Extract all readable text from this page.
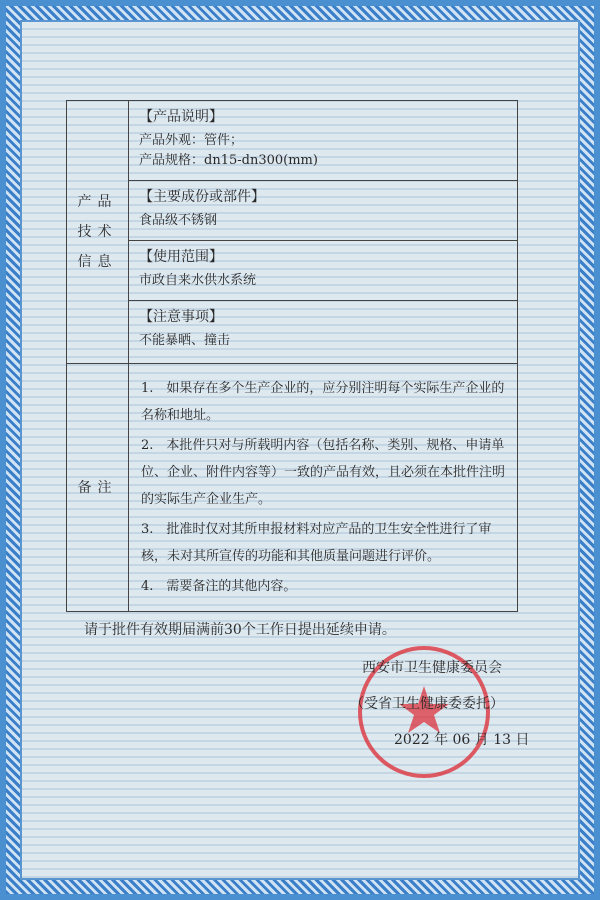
产品技术信息	【产品说明】
产品外观：管件；
产品规格：dn15-dn300(mm)

	【主要成份或部件】
食品级不锈钢

	【使用范围】
市政自来水供水系统

	【注意事项】
不能暴晒、撞击

备注	1.　如果存在多个生产企业的，应分别注明每个实际生产企业的名称和地址。

2.　本批件只对与所载明内容（包括名称、类别、规格、申请单位、企业、附件内容等）一致的产品有效，且必须在本批件注明的实际生产企业生产。

3.　批准时仅对其所申报材料对应产品的卫生安全性进行了审核，未对其所宣传的功能和其他质量问题进行评价。

4.　需要备注的其他内容。

请于批件有效期届满前30个工作日提出延续申请。
西安市卫生健康委员会
（受省卫生健康委委托）
2022 年 06 月 13 日
